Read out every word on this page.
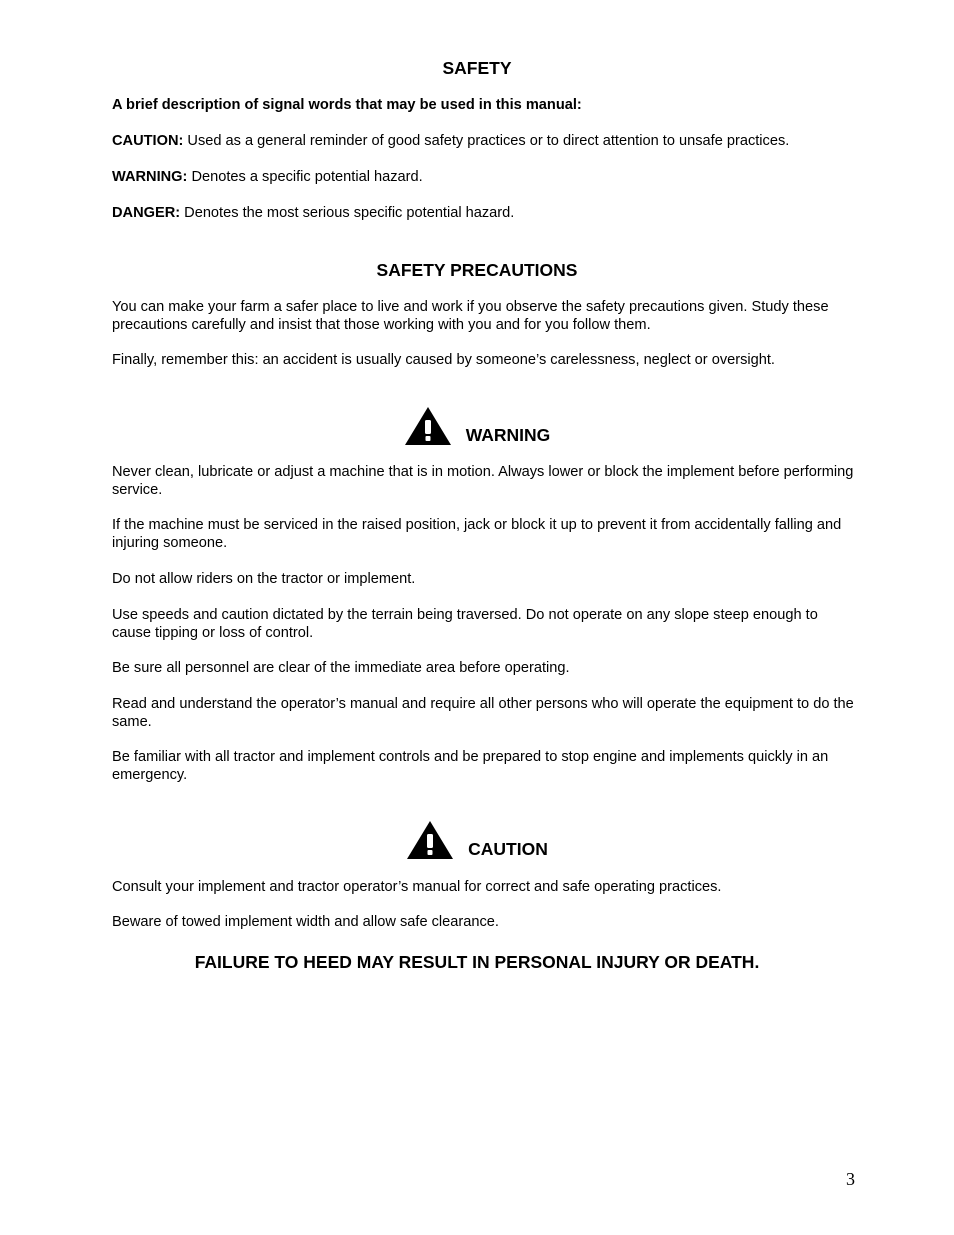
SAFETY

A brief description of signal words that may be used in this manual:

CAUTION: Used as a general reminder of good safety practices or to direct attention to unsafe practices.

WARNING: Denotes a specific potential hazard.

DANGER: Denotes the most serious specific potential hazard.

SAFETY PRECAUTIONS

You can make your farm a safer place to live and work if you observe the safety precautions given. Study these precautions carefully and insist that those working with you and for you follow them.

Finally, remember this: an accident is usually caused by someone’s carelessness, neglect or oversight.

WARNING

Never clean, lubricate or adjust a machine that is in motion. Always lower or block the implement before performing service.

If the machine must be serviced in the raised position, jack or block it up to prevent it from accidentally falling and injuring someone.

Do not allow riders on the tractor or implement.

Use speeds and caution dictated by the terrain being traversed. Do not operate on any slope steep enough to cause tipping or loss of control.

Be sure all personnel are clear of the immediate area before operating.

Read and understand the operator’s manual and require all other persons who will operate the equipment to do the same.

Be familiar with all tractor and implement controls and be prepared to stop engine and implements quickly in an emergency.

CAUTION

Consult your implement and tractor operator’s manual for correct and safe operating practices.

Beware of towed implement width and allow safe clearance.

FAILURE TO HEED MAY RESULT IN PERSONAL INJURY OR DEATH.
3
